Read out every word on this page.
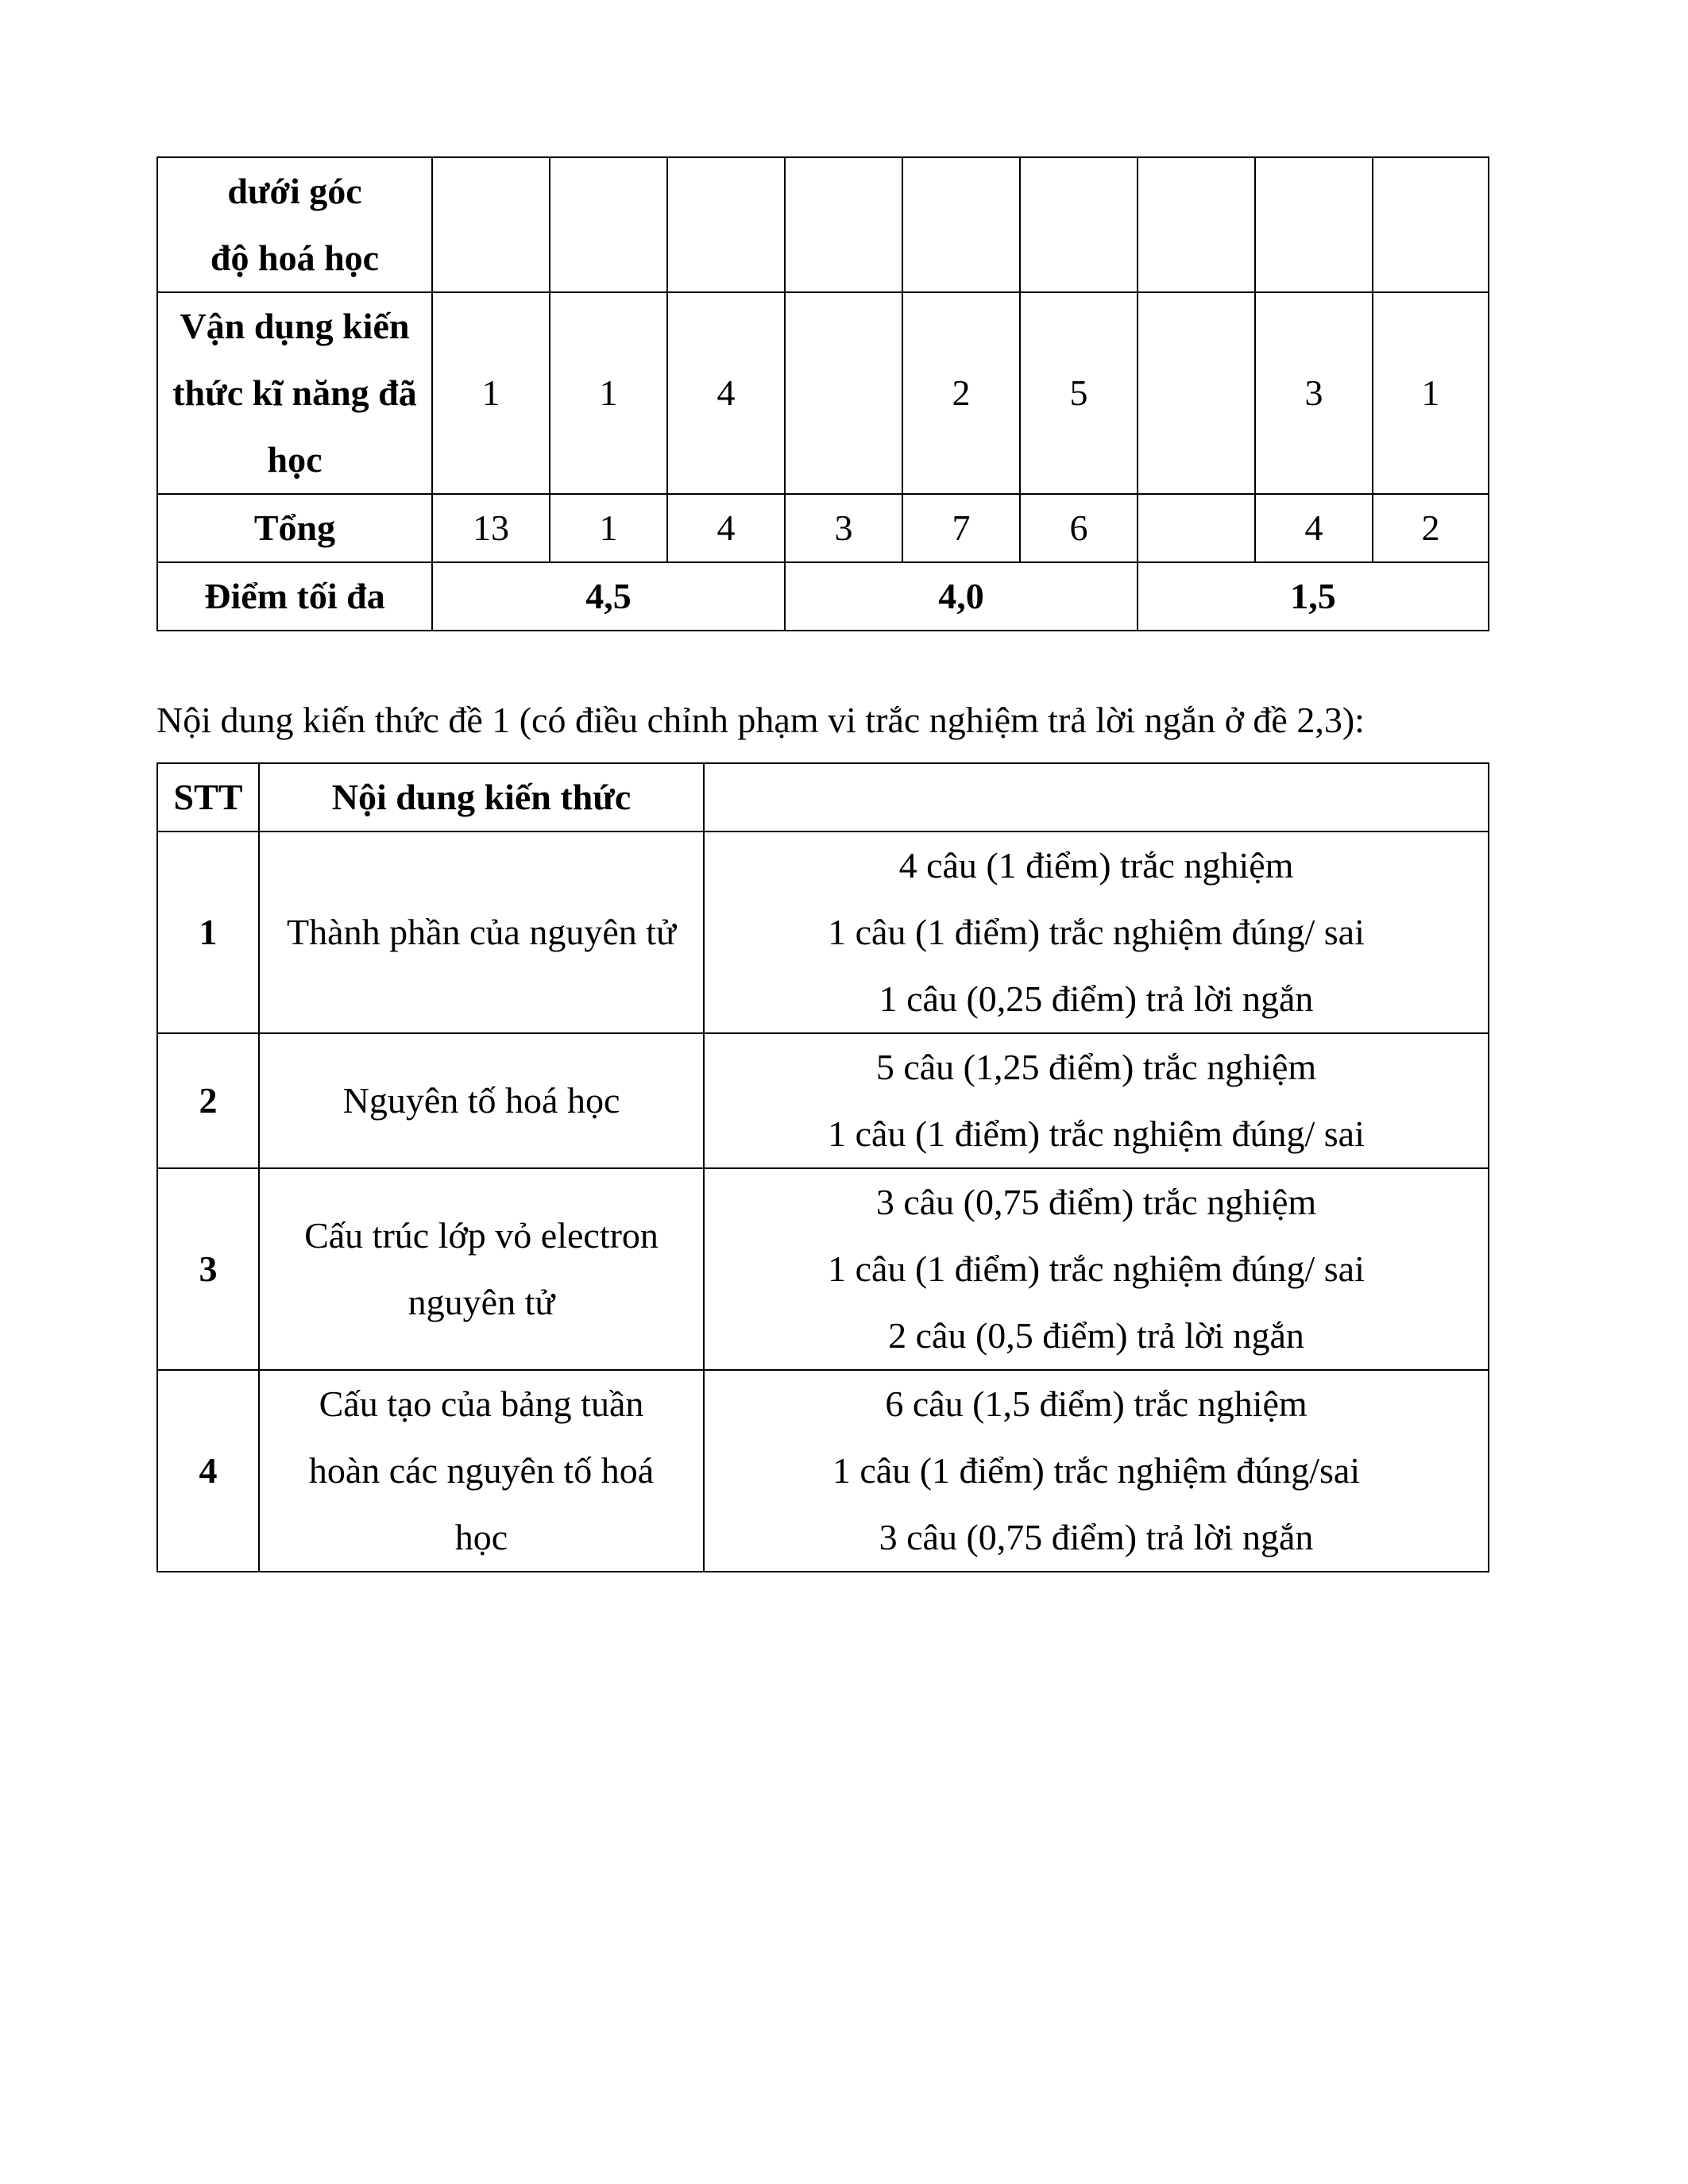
dưới góc độ hoá học									
Vận dụng kiến thức kĩ năng đã học	1	1	4		2	5		3	1
Tổng	13	1	4	3	7	6		4	2
Điểm tối đa	4,5			4,0			1,5		
Nội dung kiến thức đề 1 (có điều chỉnh phạm vi trắc nghiệm trả lời ngắn ở đề 2,3):
STT	Nội dung kiến thức	
1	Thành phần của nguyên tử	4 câu (1 điểm) trắc nghiệm
1 câu (1 điểm) trắc nghiệm đúng/ sai
1 câu (0,25 điểm) trả lời ngắn

2	Nguyên tố hoá học	5 câu (1,25 điểm) trắc nghiệm
1 câu (1 điểm) trắc nghiệm đúng/ sai

3	Cấu trúc lớp vỏ electron nguyên tử	3 câu (0,75 điểm) trắc nghiệm
1 câu (1 điểm) trắc nghiệm đúng/ sai
2 câu (0,5 điểm) trả lời ngắn

4	Cấu tạo của bảng tuần hoàn các nguyên tố hoá học	6 câu (1,5 điểm) trắc nghiệm
1 câu (1 điểm) trắc nghiệm đúng/sai
3 câu (0,75 điểm) trả lời ngắn
